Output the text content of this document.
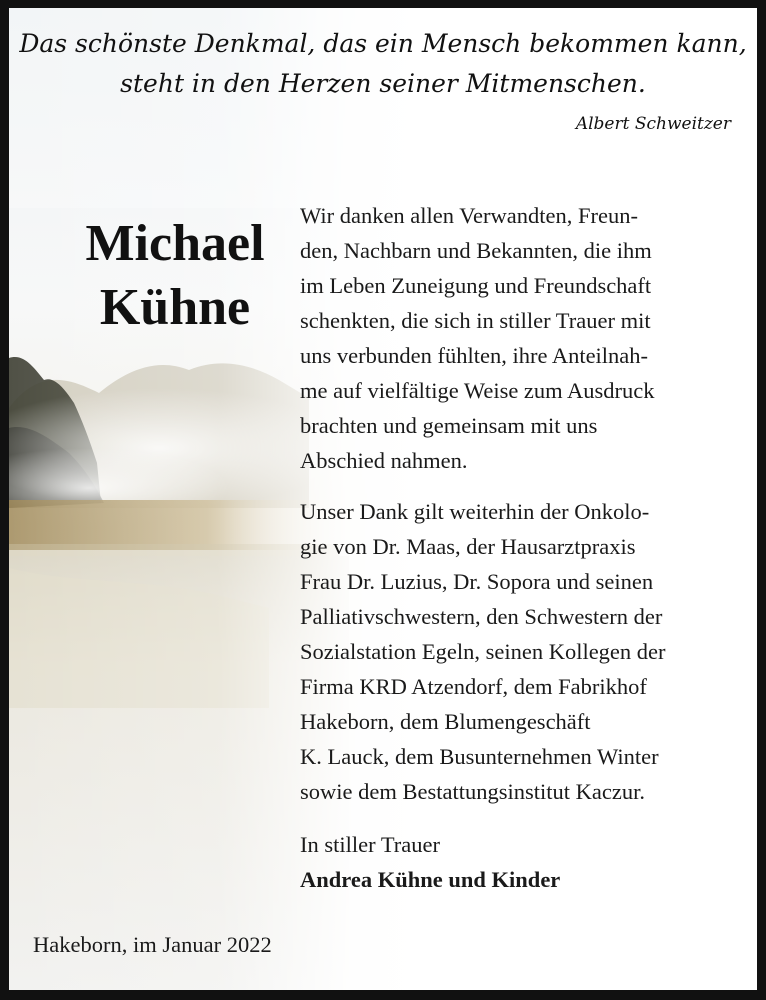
Das schönste Denkmal, das ein Mensch bekommen kann,
steht in den Herzen seiner Mitmenschen.
Albert Schweitzer
Michael
Kühne
Wir danken allen Verwandten, Freun-
den, Nachbarn und Bekannten, die ihm
im Leben Zuneigung und Freundschaft
schenkten, die sich in stiller Trauer mit
uns verbunden fühlten, ihre Anteilnah-
me auf vielfältige Weise zum Ausdruck
brachten und gemeinsam mit uns
Abschied nahmen.
Unser Dank gilt weiterhin der Onkolo-
gie von Dr. Maas, der Hausarztpraxis
Frau Dr. Luzius, Dr. Sopora und seinen
Palliativschwestern, den Schwestern der
Sozialstation Egeln, seinen Kollegen der
Firma KRD Atzendorf, dem Fabrikhof
Hakeborn, dem Blumengeschäft
K. Lauck, dem Busunternehmen Winter
sowie dem Bestattungsinstitut Kaczur.
In stiller Trauer
Andrea Kühne und Kinder
Hakeborn, im Januar 2022
